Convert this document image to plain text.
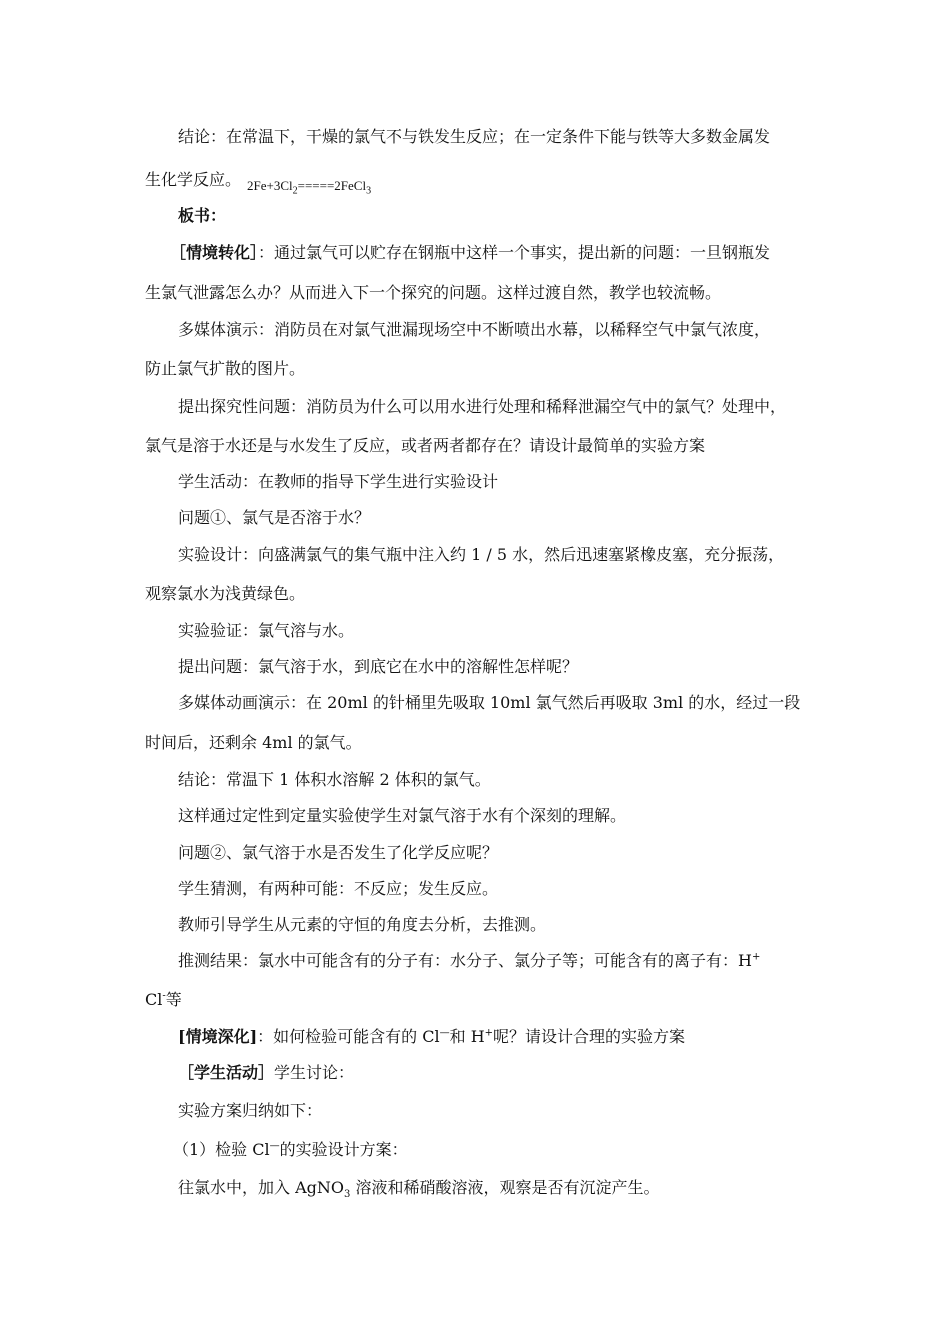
结论：在常温下，干燥的氯气不与铁发生反应；在一定条件下能与铁等大多数金属发
生化学反应。 $2Fe+3Cl_2=====2FeCl_3$
板书：
［情境转化］：通过氯气可以贮存在钢瓶中这样一个事实，提出新的问题：一旦钢瓶发
生氯气泄露怎么办？从而进入下一个探究的问题。这样过渡自然，教学也较流畅。
多媒体演示：消防员在对氯气泄漏现场空中不断喷出水幕，以稀释空气中氯气浓度，
防止氯气扩散的图片。
提出探究性问题：消防员为什么可以用水进行处理和稀释泄漏空气中的氯气？处理中，
氯气是溶于水还是与水发生了反应，或者两者都存在？请设计最简单的实验方案
学生活动：在教师的指导下学生进行实验设计
问题①、氯气是否溶于水？
实验设计：向盛满氯气的集气瓶中注入约 1 / 5 水，然后迅速塞紧橡皮塞，充分振荡，
观察氯水为浅黄绿色。
实验验证：氯气溶与水。
提出问题：氯气溶于水，到底它在水中的溶解性怎样呢？
多媒体动画演示：在 20ml 的针桶里先吸取 10ml 氯气然后再吸取 3ml 的水，经过一段
时间后，还剩余 4ml 的氯气。
结论：常温下 1 体积水溶解 2 体积的氯气。
这样通过定性到定量实验使学生对氯气溶于水有个深刻的理解。
问题②、氯气溶于水是否发生了化学反应呢？
学生猜测，有两种可能：不反应；发生反应。
教师引导学生从元素的守恒的角度去分析，去推测。
推测结果：氯水中可能含有的分子有：水分子、氯分子等；可能含有的离子有：H+
Cl-等
[情境深化]：如何检验可能含有的 Cl—和 H+呢？请设计合理的实验方案
［学生活动］学生讨论：
实验方案归纳如下：
（1）检验 Cl—的实验设计方案：
往氯水中，加入 AgNO$_3$ 溶液和稀硝酸溶液，观察是否有沉淀产生。
